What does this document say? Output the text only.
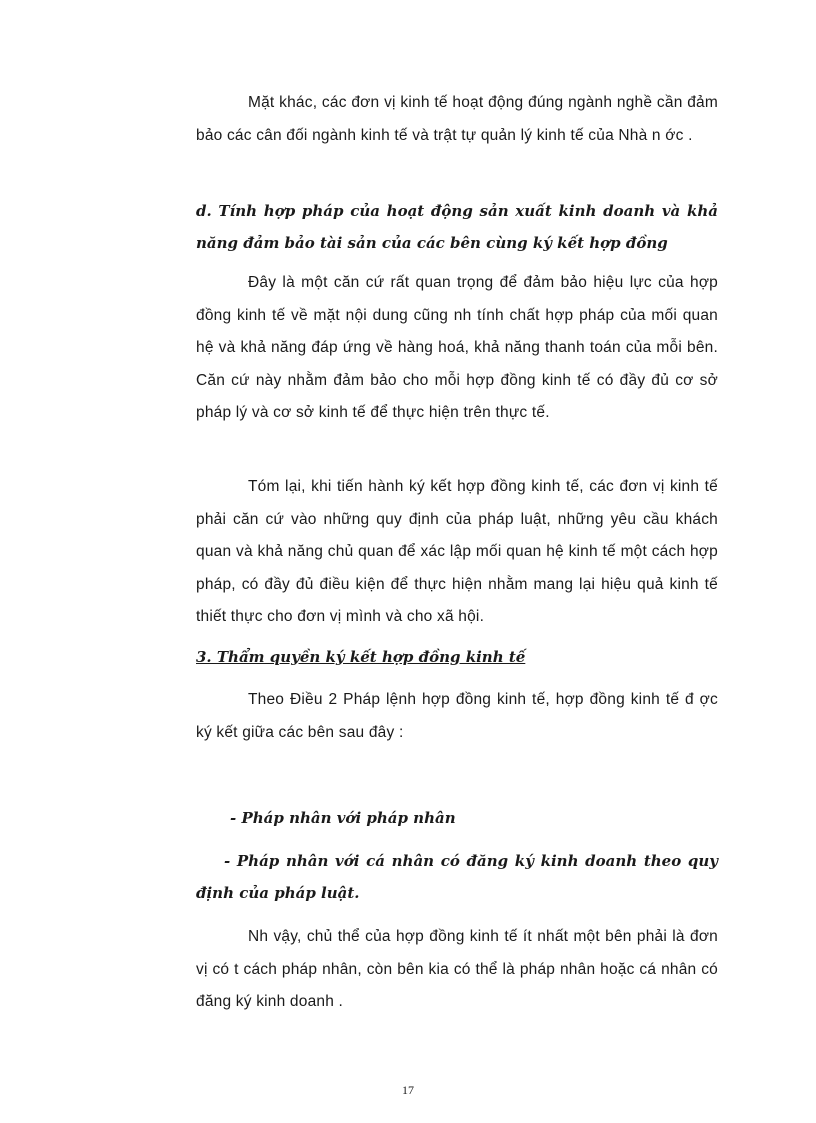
Mặt khác, các đơn vị kinh tế hoạt động đúng ngành nghề cần đảm bảo các cân đối ngành kinh tế và trật tự quản lý kinh tế của Nhà n ớc .

d. Tính hợp pháp của hoạt động sản xuất kinh doanh và khả năng đảm bảo tài sản của các bên cùng ký kết hợp đồng

Đây là một căn cứ rất quan trọng để đảm bảo hiệu lực của hợp đồng kinh tế về mặt nội dung cũng nh tính chất hợp pháp của mối quan hệ và khả năng đáp ứng về hàng hoá, khả năng thanh toán của mỗi bên. Căn cứ này nhằm đảm bảo cho mỗi hợp đồng kinh tế có đầy đủ cơ sở pháp lý và cơ sở kinh tế để thực hiện trên thực tế.

Tóm lại, khi tiến hành ký kết hợp đồng kinh tế, các đơn vị kinh tế phải căn cứ vào những quy định của pháp luật, những yêu cầu khách quan và khả năng chủ quan để xác lập mối quan hệ kinh tế một cách hợp pháp, có đầy đủ điều kiện để thực hiện nhằm mang lại hiệu quả kinh tế thiết thực cho đơn vị mình và cho xã hội.

3. Thẩm quyền ký kết hợp đồng kinh tế

Theo Điều 2 Pháp lệnh hợp đồng kinh tế, hợp đồng kinh tế đ ợc ký kết giữa các bên sau đây :

- Pháp nhân với pháp nhân

- Pháp nhân với cá nhân có đăng ký kinh doanh theo quy định của pháp luật.

Nh vậy, chủ thể của hợp đồng kinh tế ít nhất một bên phải là đơn vị có t cách pháp nhân, còn bên kia có thể là pháp nhân hoặc cá nhân có đăng ký kinh doanh .

17
